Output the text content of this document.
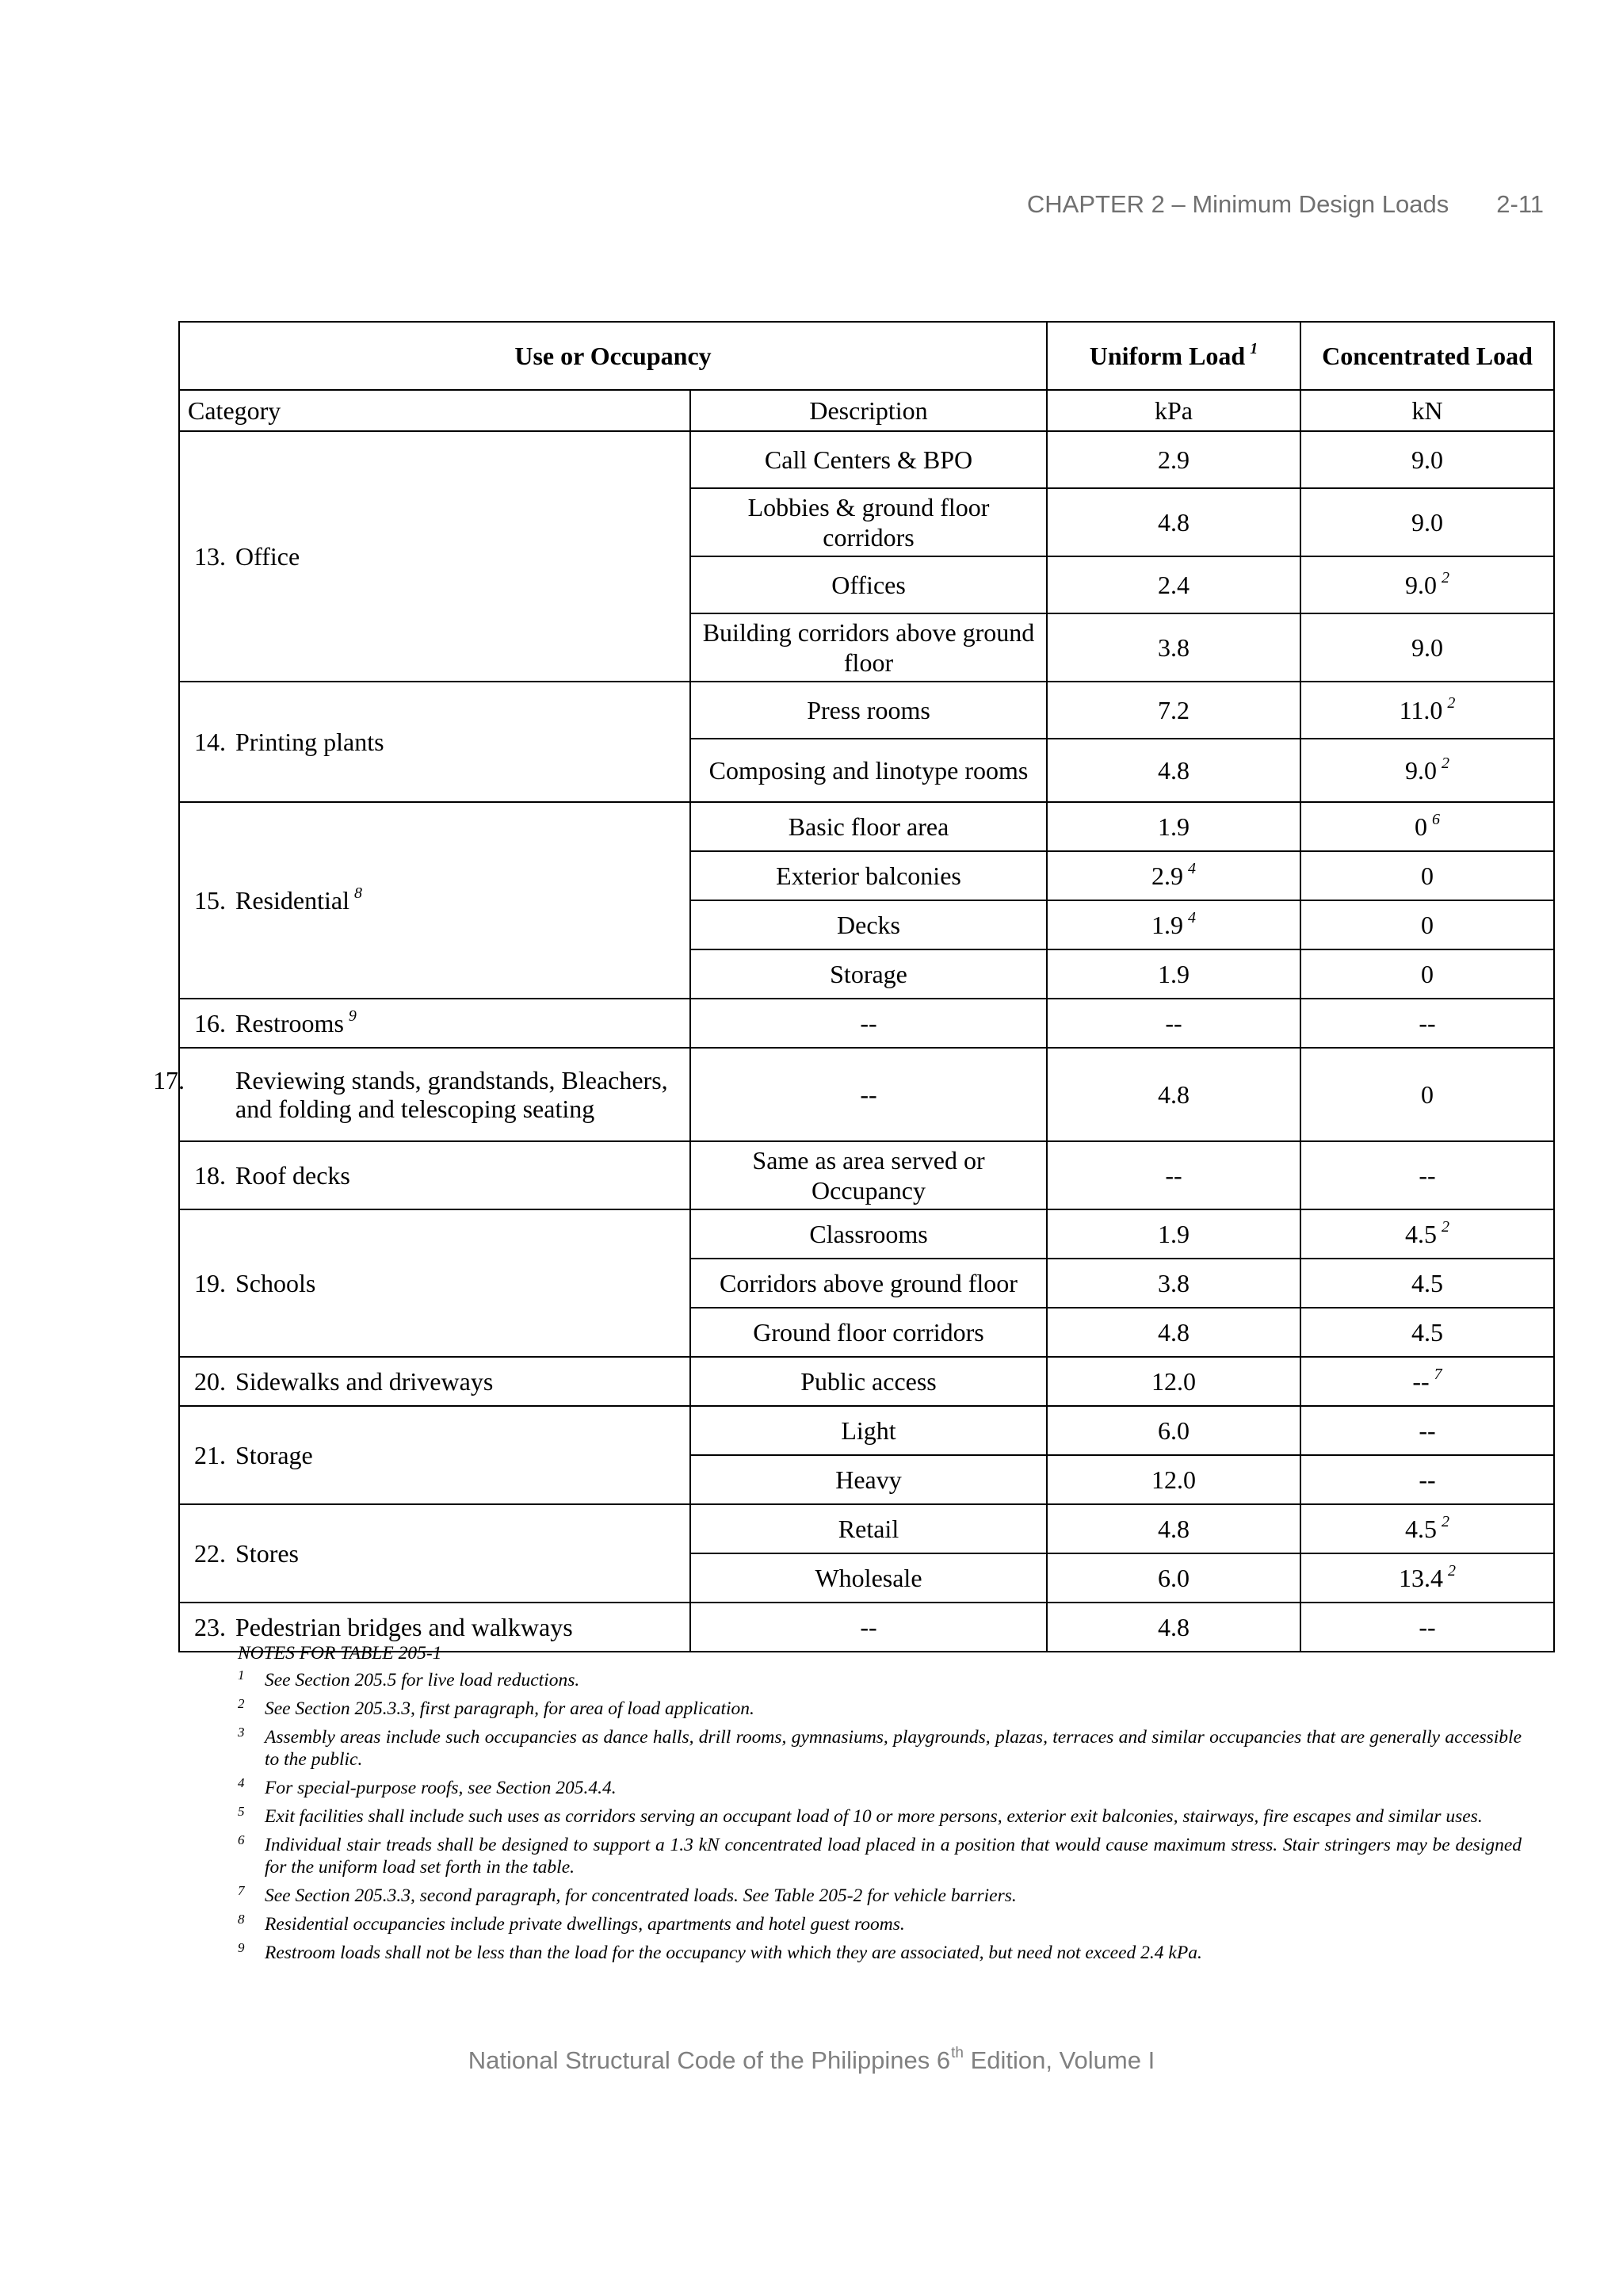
CHAPTER 2 – Minimum Design Loads 2-11
Use or Occupancy		Uniform Load $^1$	Concentrated Load
Category	Description	kPa	kN
13. Office	Call Centers & BPO	2.9	9.0
	Lobbies & ground floor corridors	4.8	9.0
	Offices	2.4	9.0 $^2$
	Building corridors above ground floor	3.8	9.0
14. Printing plants	Press rooms	7.2	11.0 $^2$
	Composing and linotype rooms	4.8	9.0 $^2$
15. Residential $^8$	Basic floor area	1.9	0 $^6$
	Exterior balconies	2.9 $^4$	0
	Decks	1.9 $^4$	0
	Storage	1.9	0
16. Restrooms $^9$	--	--	--
17. Reviewing stands, grandstands, Bleachers, and folding and telescoping seating	--	4.8	0
18. Roof decks	Same as area served or Occupancy	--	--
19. Schools	Classrooms	1.9	4.5 $^2$
	Corridors above ground floor	3.8	4.5
	Ground floor corridors	4.8	4.5
20. Sidewalks and driveways	Public access	12.0	-- $^7$
21. Storage	Light	6.0	--
	Heavy	12.0	--
22. Stores	Retail	4.8	4.5 $^2$
	Wholesale	6.0	13.4 $^2$
23. Pedestrian bridges and walkways	--	4.8	--
NOTES FOR TABLE 205-1
1 See Section 205.5 for live load reductions.
2 See Section 205.3.3, first paragraph, for area of load application.
3 Assembly areas include such occupancies as dance halls, drill rooms, gymnasiums, playgrounds, plazas, terraces and similar occupancies that are generally accessible to the public.
4 For special-purpose roofs, see Section 205.4.4.
5 Exit facilities shall include such uses as corridors serving an occupant load of 10 or more persons, exterior exit balconies, stairways, fire escapes and similar uses.
6 Individual stair treads shall be designed to support a 1.3 kN concentrated load placed in a position that would cause maximum stress. Stair stringers may be designed for the uniform load set forth in the table.
7 See Section 205.3.3, second paragraph, for concentrated loads. See Table 205-2 for vehicle barriers.
8 Residential occupancies include private dwellings, apartments and hotel guest rooms.
9 Restroom loads shall not be less than the load for the occupancy with which they are associated, but need not exceed 2.4 kPa.
National Structural Code of the Philippines 6th Edition, Volume I
